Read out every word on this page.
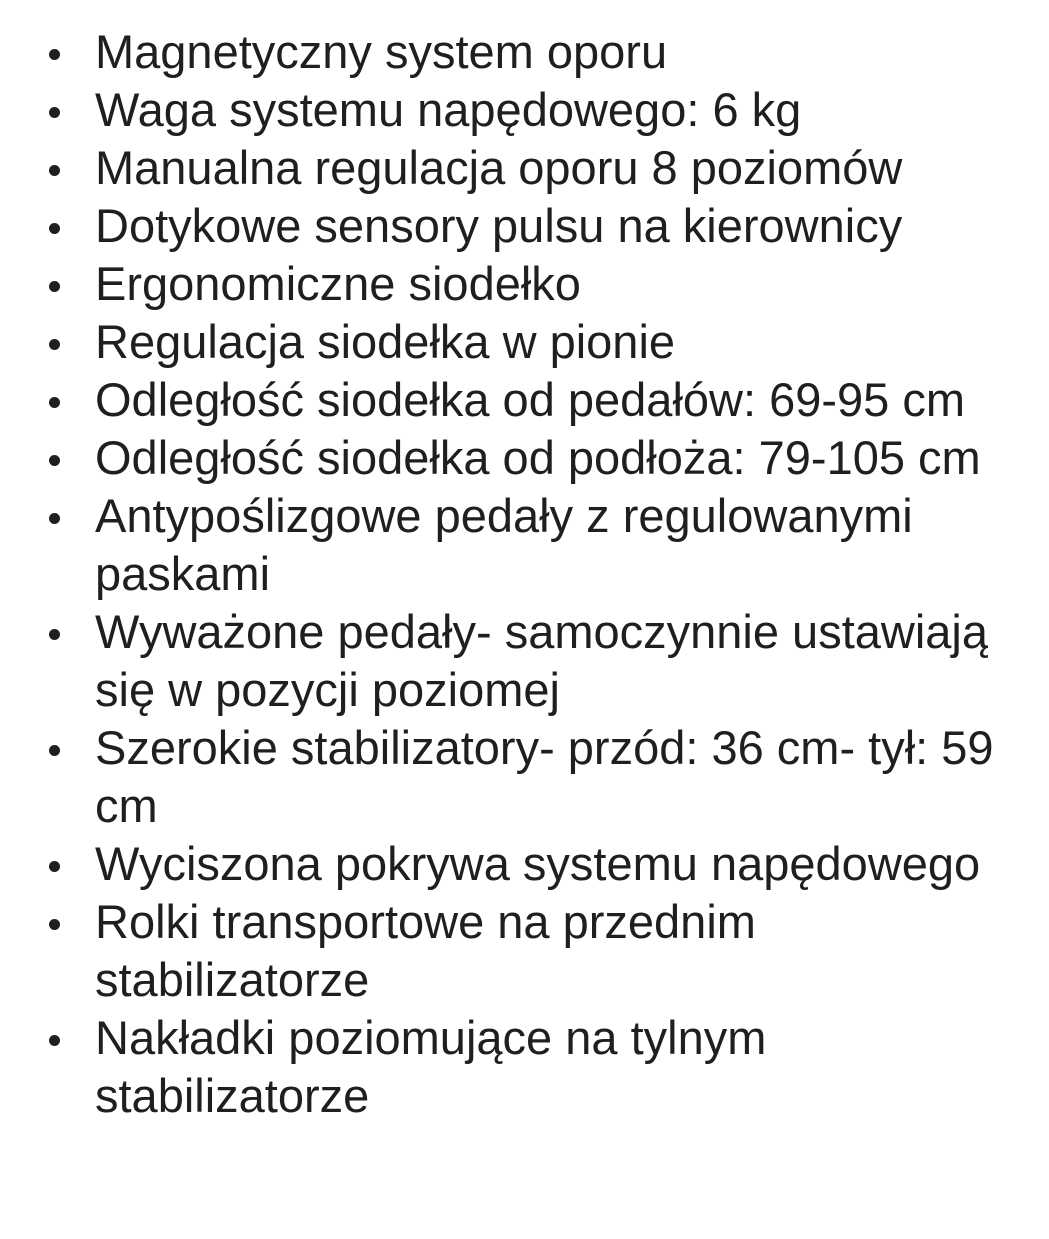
Magnetyczny system oporu
Waga systemu napędowego: 6 kg
Manualna regulacja oporu 8 poziomów
Dotykowe sensory pulsu na kierownicy
Ergonomiczne siodełko
Regulacja siodełka w pionie
Odległość siodełka od pedałów: 69-95 cm
Odległość siodełka od podłoża: 79-105 cm
Antypoślizgowe pedały z regulowanymi paskami
Wyważone pedały- samoczynnie ustawiają się w pozycji poziomej
Szerokie stabilizatory- przód: 36 cm- tył: 59 cm
Wyciszona pokrywa systemu napędowego
Rolki transportowe na przednim stabilizatorze
Nakładki poziomujące na tylnym stabilizatorze
